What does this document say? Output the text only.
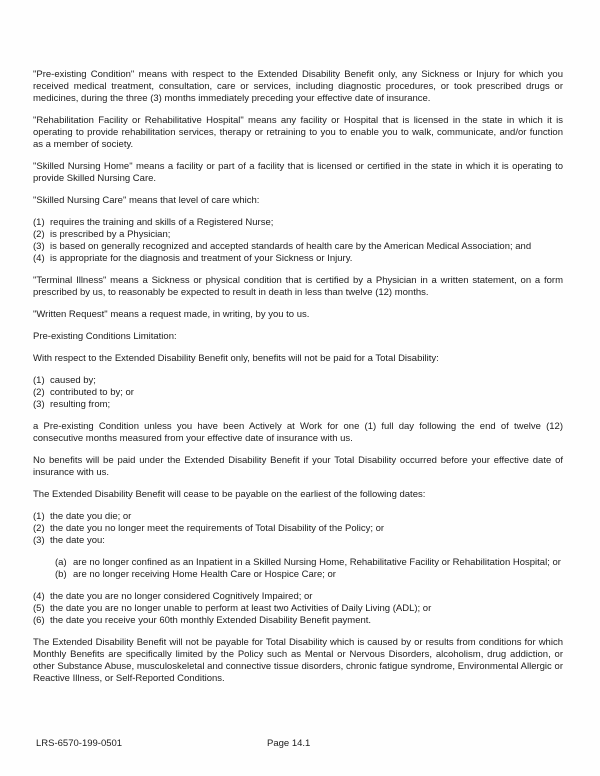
"Pre-existing Condition" means with respect to the Extended Disability Benefit only, any Sickness or Injury for which you received medical treatment, consultation, care or services, including diagnostic procedures, or took prescribed drugs or medicines, during the three (3) months immediately preceding your effective date of insurance.

"Rehabilitation Facility or Rehabilitative Hospital" means any facility or Hospital that is licensed in the state in which it is operating to provide rehabilitation services, therapy or retraining to you to enable you to walk, communicate, and/or function as a member of society.

"Skilled Nursing Home" means a facility or part of a facility that is licensed or certified in the state in which it is operating to provide Skilled Nursing Care.

"Skilled Nursing Care" means that level of care which:

(1) requires the training and skills of a Registered Nurse;
(2) is prescribed by a Physician;
(3) is based on generally recognized and accepted standards of health care by the American Medical Association; and
(4) is appropriate for the diagnosis and treatment of your Sickness or Injury.

"Terminal Illness" means a Sickness or physical condition that is certified by a Physician in a written statement, on a form prescribed by us, to reasonably be expected to result in death in less than twelve (12) months.

"Written Request" means a request made, in writing, by you to us.

Pre-existing Conditions Limitation:

With respect to the Extended Disability Benefit only, benefits will not be paid for a Total Disability:

(1) caused by;
(2) contributed to by; or
(3) resulting from;

a Pre-existing Condition unless you have been Actively at Work for one (1) full day following the end of twelve (12) consecutive months measured from your effective date of insurance with us.

No benefits will be paid under the Extended Disability Benefit if your Total Disability occurred before your effective date of insurance with us.

The Extended Disability Benefit will cease to be payable on the earliest of the following dates:

(1) the date you die; or
(2) the date you no longer meet the requirements of Total Disability of the Policy; or
(3) the date you:
(a) are no longer confined as an Inpatient in a Skilled Nursing Home, Rehabilitative Facility or Rehabilitation Hospital; or
(b) are no longer receiving Home Health Care or Hospice Care; or
(4) the date you are no longer considered Cognitively Impaired; or
(5) the date you are no longer unable to perform at least two Activities of Daily Living (ADL); or
(6) the date you receive your 60th monthly Extended Disability Benefit payment.

The Extended Disability Benefit will not be payable for Total Disability which is caused by or results from conditions for which Monthly Benefits are specifically limited by the Policy such as Mental or Nervous Disorders, alcoholism, drug addiction, or other Substance Abuse, musculoskeletal and connective tissue disorders, chronic fatigue syndrome, Environmental Allergic or Reactive Illness, or Self-Reported Conditions.

LRS-6570-199-0501	Page 14.1
